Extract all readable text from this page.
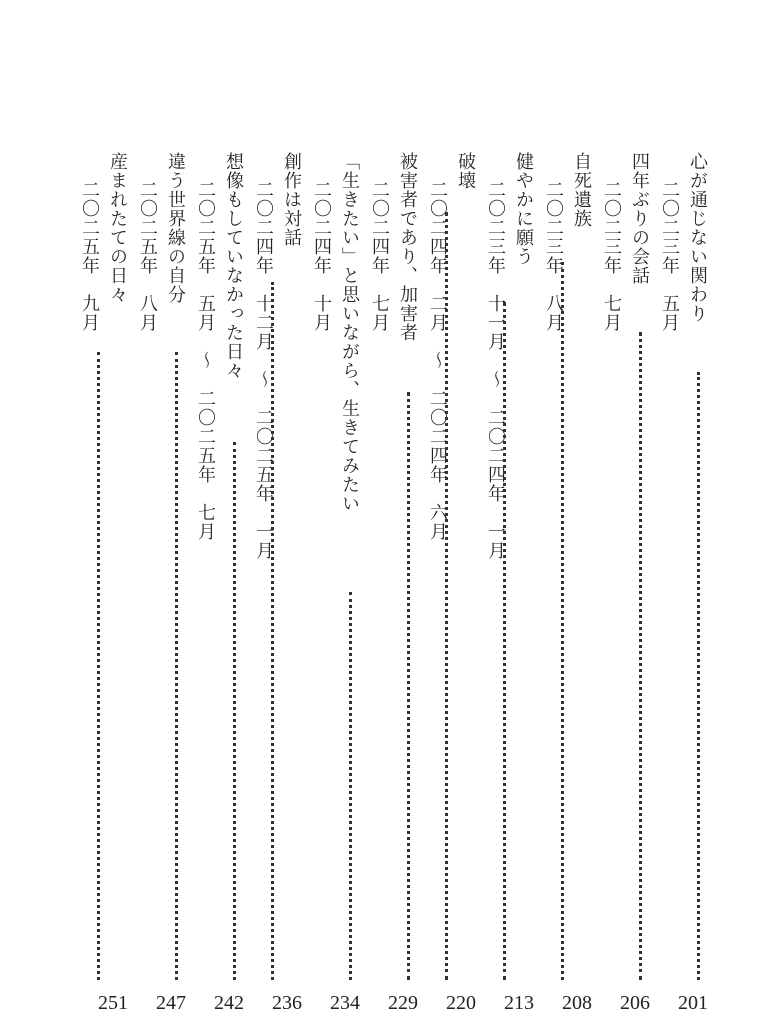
心が通じない関わり
二〇二三年　五月
201
四年ぶりの会話
二〇二三年　七月
206
自死遺族
二〇二三年　八月
208
健やかに願う
二〇二三年　十一月　～　二〇二四年　一月
213
破壊
二〇二四年　二月　～　二〇二四年　六月
220
被害者であり、加害者
二〇二四年　七月
229
「生きたい」と思いながら、生きてみたい
二〇二四年　十月
234
創作は対話
二〇二四年　十二月　～　二〇二五年　一月
236
想像もしていなかった日々
二〇二五年　五月　～　二〇二五年　七月
242
違う世界線の自分
二〇二五年　八月
247
産まれたての日々
二〇二五年　九月
251
